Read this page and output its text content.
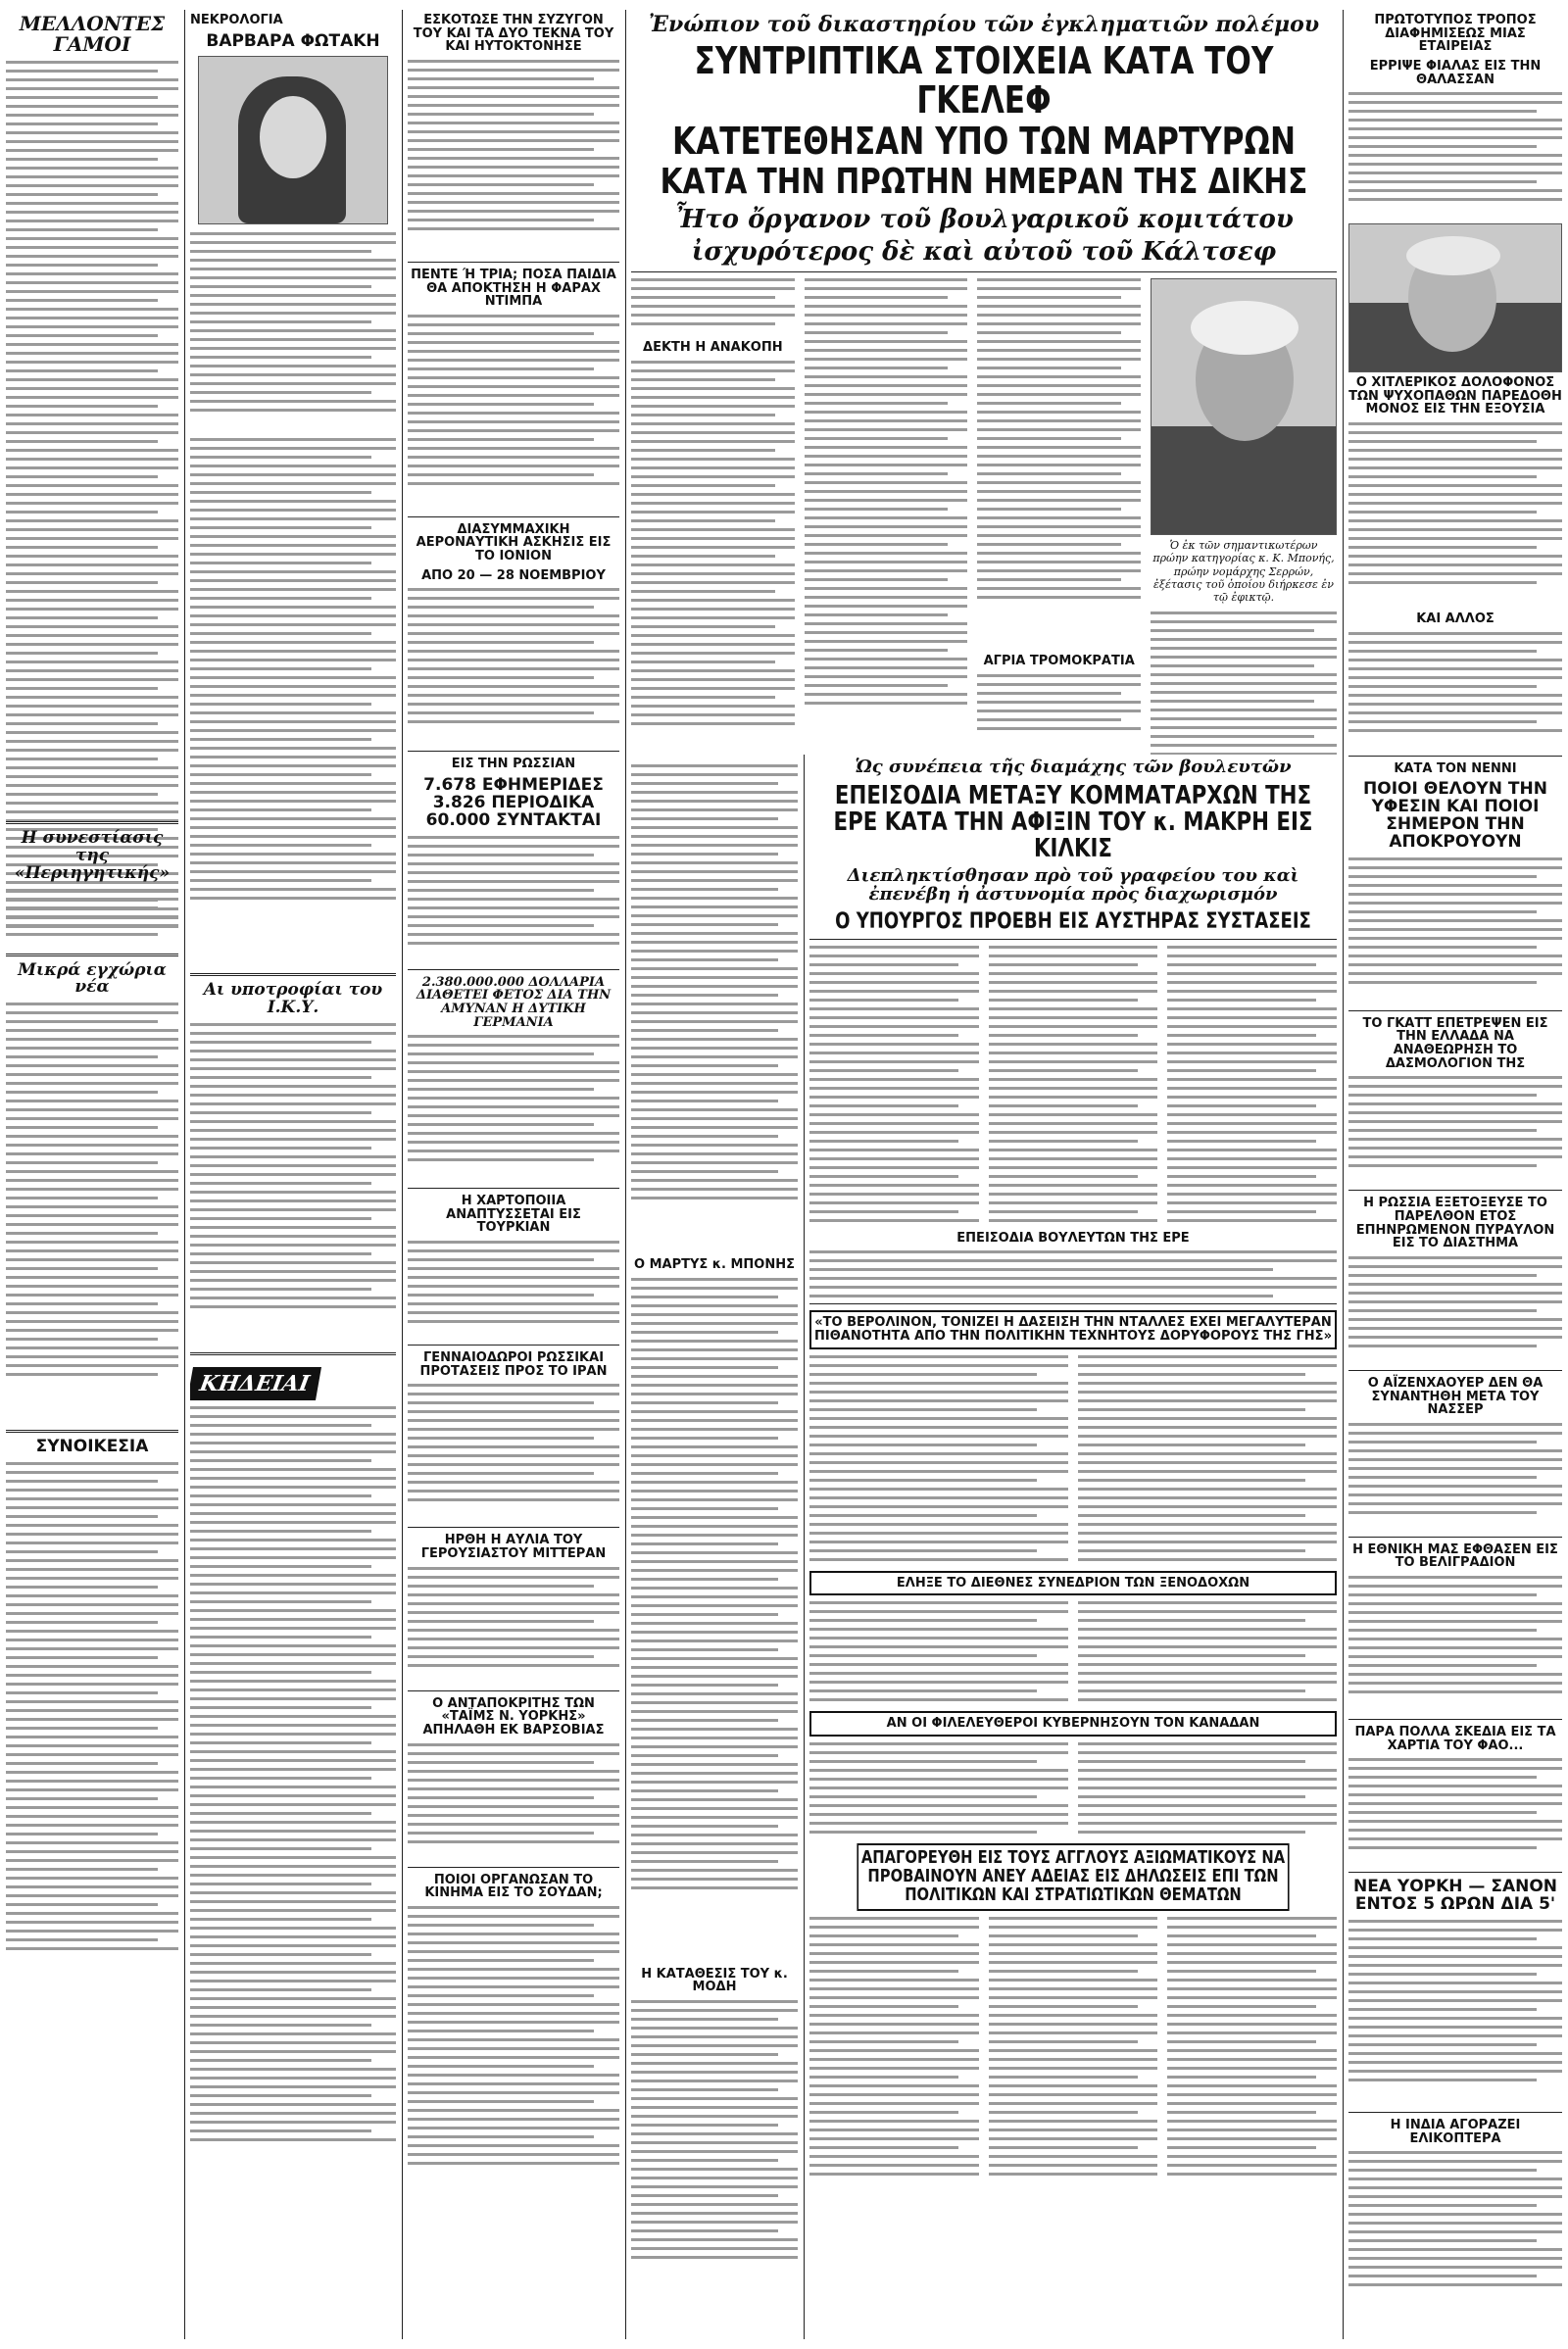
ΜΕΛΛΟΝΤΕΣ ΓΑΜΟΙ
Η συνεστίασις της «Περιηγητικής»
Μικρά εγχώρια νέα
ΣΥΝΟΙΚΕΣΙΑ
ΝΕΚΡΟΛΟΓΙΑ
ΒΑΡΒΑΡΑ ΦΩΤΑΚΗ
Αι υποτροφίαι του Ι.Κ.Υ.
ΚΗΔΕΙΑΙ
ΕΣΚΟΤΩΣΕ ΤΗΝ ΣΥΖΥΓΟΝ ΤΟΥ ΚΑΙ ΤΑ ΔΥΟ ΤΕΚΝΑ ΤΟΥ ΚΑΙ ΗΥΤΟΚΤΟΝΗΣΕ
ΠΕΝΤΕ Ή ΤΡΙΑ; ΠΟΣΑ ΠΑΙΔΙΑ ΘΑ ΑΠΟΚΤΗΣΗ Η ΦΑΡΑΧ ΝΤΙΜΠΑ
ΔΙΑΣΥΜΜΑΧΙΚΗ ΑΕΡΟΝΑΥΤΙΚΗ ΑΣΚΗΣΙΣ ΕΙΣ ΤΟ ΙΟΝΙΟΝ
ΑΠΟ 20 — 28 ΝΟΕΜΒΡΙΟΥ
ΕΙΣ ΤΗΝ ΡΩΣΣΙΑΝ
7.678 ΕΦΗΜΕΡΙΔΕΣ 3.826 ΠΕΡΙΟΔΙΚΑ 60.000 ΣΥΝΤΑΚΤΑΙ
2.380.000.000 ΔΟΛΛΑΡΙΑ ΔΙΑΘΕΤΕΙ ΦΕΤΟΣ ΔΙΑ ΤΗΝ ΑΜΥΝΑΝ Η ΔΥΤΙΚΗ ΓΕΡΜΑΝΙΑ
Η ΧΑΡΤΟΠΟΙΙΑ ΑΝΑΠΤΥΣΣΕΤΑΙ ΕΙΣ ΤΟΥΡΚΙΑΝ
ΓΕΝΝΑΙΟΔΩΡΟΙ ΡΩΣΣΙΚΑΙ ΠΡΟΤΑΣΕΙΣ ΠΡΟΣ ΤΟ ΙΡΑΝ
ΗΡΘΗ Η ΑΥΛΙΑ ΤΟΥ ΓΕΡΟΥΣΙΑΣΤΟΥ ΜΙΤΤΕΡΑΝ
Ο ΑΝΤΑΠΟΚΡΙΤΗΣ ΤΩΝ «ΤΑΪΜΣ Ν. ΥΟΡΚΗΣ» ΑΠΗΛΑΘΗ ΕΚ ΒΑΡΣΟΒΙΑΣ
ΠΟΙΟΙ ΟΡΓΑΝΩΣΑΝ ΤΟ ΚΙΝΗΜΑ ΕΙΣ ΤΟ ΣΟΥΔΑΝ;
Ἐνώπιον τοῦ δικαστηρίου τῶν ἐγκληματιῶν πολέμου
ΣΥΝΤΡΙΠΤΙΚΑ ΣΤΟΙΧΕΙΑ ΚΑΤΑ ΤΟΥ ΓΚΕΛΕΦ
ΚΑΤΕΤΕΘΗΣΑΝ ΥΠΟ ΤΩΝ ΜΑΡΤΥΡΩΝ
ΚΑΤΑ ΤΗΝ ΠΡΩΤΗΝ ΗΜΕΡΑΝ ΤΗΣ ΔΙΚΗΣ
Ἦτο ὄργανον τοῦ βουλγαρικοῦ κομιτάτου
ἰσχυρότερος δὲ καὶ αὐτοῦ τοῦ Κάλτσεφ
ΔΕΚΤΗ Η ΑΝΑΚΟΠΗ
ΑΓΡΙΑ ΤΡΟΜΟΚΡΑΤΙΑ
Ὁ ἐκ τῶν σημαντικωτέρων πρώην κατηγορίας κ. Κ. Μπονής, πρώην νομάρχης Σερρών, ἐξέτασις τοῦ ὁποίου διήρκεσε ἐν τῷ ἐφικτῷ.
Ο ΜΑΡΤΥΣ κ. ΜΠΟΝΗΣ
Η ΚΑΤΑΘΕΣΙΣ ΤΟΥ κ. ΜΟΔΗ
Ὡς συνέπεια τῆς διαμάχης τῶν βουλευτῶν
ΕΠΕΙΣΟΔΙΑ ΜΕΤΑΞΥ ΚΟΜΜΑΤΑΡΧΩΝ ΤΗΣ ΕΡΕ ΚΑΤΑ ΤΗΝ ΑΦΙΞΙΝ ΤΟΥ κ. ΜΑΚΡΗ ΕΙΣ ΚΙΛΚΙΣ
Διεπληκτίσθησαν πρὸ τοῦ γραφείου του καὶ ἐπενέβη ἡ ἀστυνομία πρὸς διαχωρισμόν
Ο ΥΠΟΥΡΓΟΣ ΠΡΟΕΒΗ ΕΙΣ ΑΥΣΤΗΡΑΣ ΣΥΣΤΑΣΕΙΣ
ΕΠΕΙΣΟΔΙΑ ΒΟΥΛΕΥΤΩΝ ΤΗΣ ΕΡΕ
«ΤΟ ΒΕΡΟΛΙΝΟΝ, ΤΟΝΙΖΕΙ Η ΔΑΣΕΙΣΗ ΤΗΝ ΝΤΑΛΛΕΣ ΕΧΕΙ ΜΕΓΑΛΥΤΕΡΑΝ ΠΙΘΑΝΟΤΗΤΑ ΑΠΟ ΤΗΝ ΠΟΛΙΤΙΚΗΝ ΤΕΧΝΗΤΟΥΣ ΔΟΡΥΦΟΡΟΥΣ ΤΗΣ ΓΗΣ»
ΕΛΗΞΕ ΤΟ ΔΙΕΘΝΕΣ ΣΥΝΕΔΡΙΟΝ ΤΩΝ ΞΕΝΟΔΟΧΩΝ
ΑΝ ΟΙ ΦΙΛΕΛΕΥΘΕΡΟΙ ΚΥΒΕΡΝΗΣΟΥΝ ΤΟΝ ΚΑΝΑΔΑΝ
ΑΠΑΓΟΡΕΥΘΗ ΕΙΣ ΤΟΥΣ ΑΓΓΛΟΥΣ ΑΞΙΩΜΑΤΙΚΟΥΣ ΝΑ ΠΡΟΒΑΙΝΟΥΝ ΑΝΕΥ ΑΔΕΙΑΣ ΕΙΣ ΔΗΛΩΣΕΙΣ ΕΠΙ ΤΩΝ ΠΟΛΙΤΙΚΩΝ ΚΑΙ ΣΤΡΑΤΙΩΤΙΚΩΝ ΘΕΜΑΤΩΝ
ΠΡΩΤΟΤΥΠΟΣ ΤΡΟΠΟΣ ΔΙΑΦΗΜΙΣΕΩΣ ΜΙΑΣ ΕΤΑΙΡΕΙΑΣ
ΕΡΡΙΨΕ ΦΙΑΛΑΣ ΕΙΣ ΤΗΝ ΘΑΛΑΣΣΑΝ
Ο ΧΙΤΛΕΡΙΚΟΣ ΔΟΛΟΦΟΝΟΣ ΤΩΝ ΨΥΧΟΠΑΘΩΝ ΠΑΡΕΔΟΘΗ ΜΟΝΟΣ ΕΙΣ ΤΗΝ ΕΞΟΥΣΙΑ
ΚΑΙ ΑΛΛΟΣ
ΚΑΤΑ ΤΟΝ ΝΕΝΝΙ
ΠΟΙΟΙ ΘΕΛΟΥΝ ΤΗΝ ΥΦΕΣΙΝ ΚΑΙ ΠΟΙΟΙ ΣΗΜΕΡΟΝ ΤΗΝ ΑΠΟΚΡΟΥΟΥΝ
ΤΟ ΓΚΑΤΤ ΕΠΕΤΡΕΨΕΝ ΕΙΣ ΤΗΝ ΕΛΛΑΔΑ ΝΑ ΑΝΑΘΕΩΡΗΣΗ ΤΟ ΔΑΣΜΟΛΟΓΙΟΝ ΤΗΣ
Η ΡΩΣΣΙΑ ΕΞΕΤΟΞΕΥΣΕ ΤΟ ΠΑΡΕΛΘΟΝ ΕΤΟΣ ΕΠΗΝΡΩΜΕΝΟΝ ΠΥΡΑΥΛΟΝ ΕΙΣ ΤΟ ΔΙΑΣΤΗΜΑ
Ο ΑΪΖΕΝΧΑΟΥΕΡ ΔΕΝ ΘΑ ΣΥΝΑΝΤΗΘΗ ΜΕΤΑ ΤΟΥ ΝΑΣΣΕΡ
Η ΕΘΝΙΚΗ ΜΑΣ ΕΦΘΑΣΕΝ ΕΙΣ ΤΟ ΒΕΛΙΓΡΑΔΙΟΝ
ΠΑΡΑ ΠΟΛΛΑ ΣΚΕΔΙΑ ΕΙΣ ΤΑ ΧΑΡΤΙΑ ΤΟΥ ΦΑΟ...
ΝΕΑ ΥΟΡΚΗ — ΣΑΝΟΝ ΕΝΤΟΣ 5 ΩΡΩΝ ΔΙΑ 5'
Η ΙΝΔΙΑ ΑΓΟΡΑΖΕΙ ΕΛΙΚΟΠΤΕΡΑ
